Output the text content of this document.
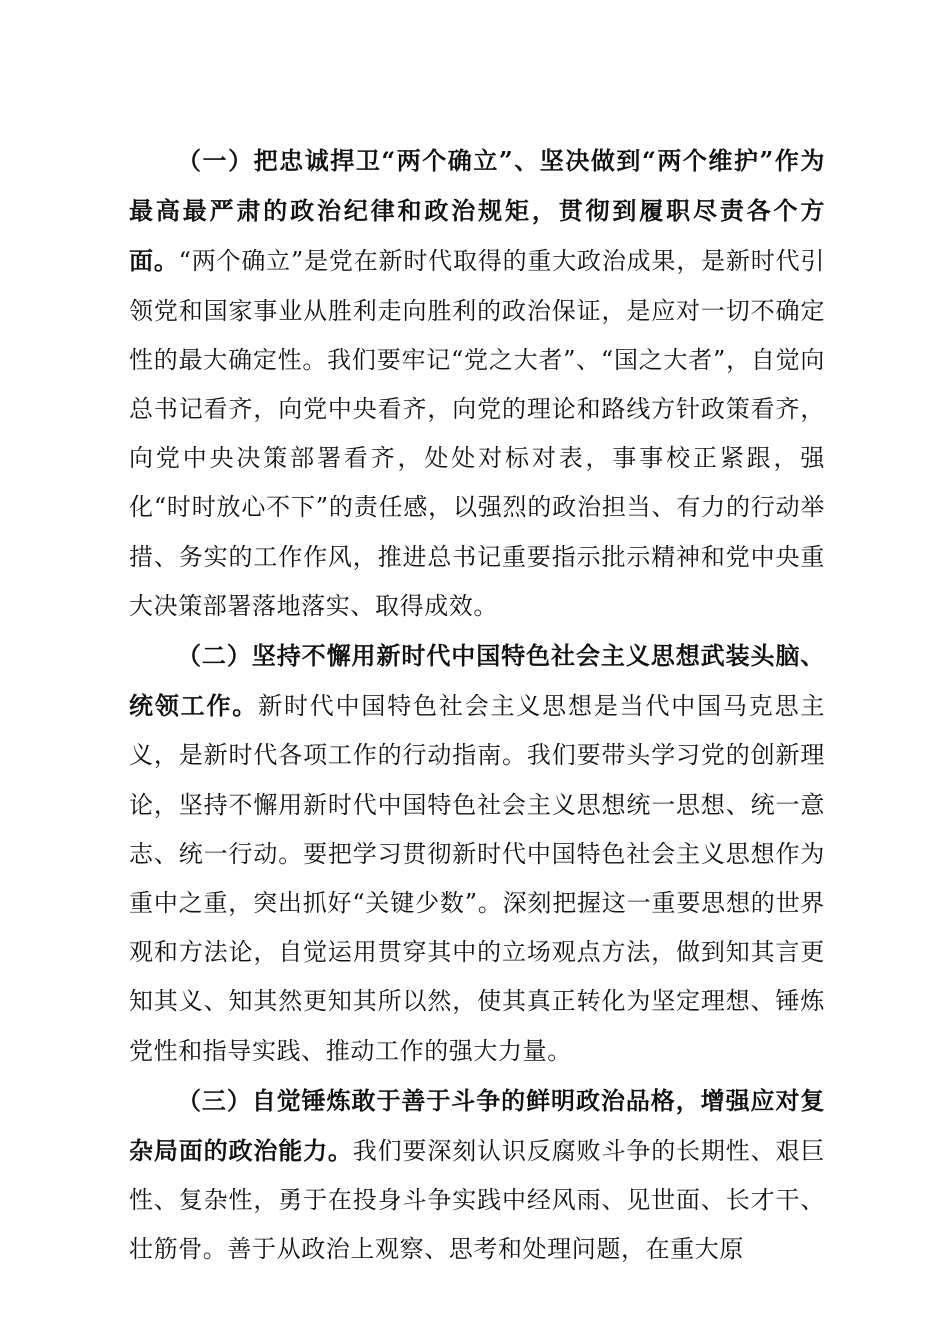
（一）把忠诚捍卫“两个确立”、坚决做到“两个维护”作为最高最严肃的政治纪律和政治规矩，贯彻到履职尽责各个方面。“两个确立”是党在新时代取得的重大政治成果，是新时代引领党和国家事业从胜利走向胜利的政治保证，是应对一切不确定性的最大确定性。我们要牢记“党之大者”、“国之大者”，自觉向总书记看齐，向党中央看齐，向党的理论和路线方针政策看齐，向党中央决策部署看齐，处处对标对表，事事校正紧跟，强化“时时放心不下”的责任感，以强烈的政治担当、有力的行动举措、务实的工作作风，推进总书记重要指示批示精神和党中央重大决策部署落地落实、取得成效。

（二）坚持不懈用新时代中国特色社会主义思想武装头脑、统领工作。新时代中国特色社会主义思想是当代中国马克思主义，是新时代各项工作的行动指南。我们要带头学习党的创新理论，坚持不懈用新时代中国特色社会主义思想统一思想、统一意志、统一行动。要把学习贯彻新时代中国特色社会主义思想作为重中之重，突出抓好“关键少数”。深刻把握这一重要思想的世界观和方法论，自觉运用贯穿其中的立场观点方法，做到知其言更知其义、知其然更知其所以然，使其真正转化为坚定理想、锤炼党性和指导实践、推动工作的强大力量。

（三）自觉锤炼敢于善于斗争的鲜明政治品格，增强应对复杂局面的政治能力。我们要深刻认识反腐败斗争的长期性、艰巨性、复杂性，勇于在投身斗争实践中经风雨、见世面、长才干、壮筋骨。善于从政治上观察、思考和处理问题，在重大原
